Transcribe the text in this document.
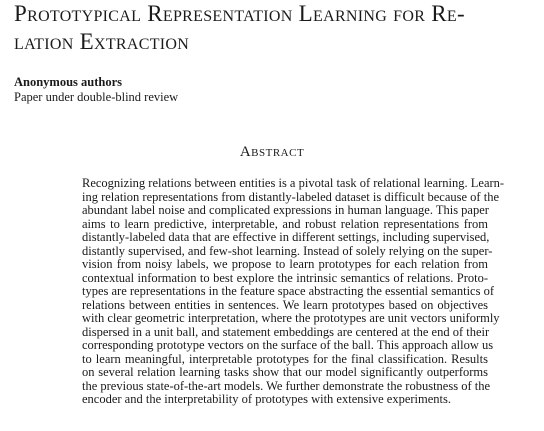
Prototypical Representation Learning for Re-
lation Extraction
Anonymous authors
Paper under double-blind review
Abstract
Recognizing relations between entities is a pivotal task of relational learning. Learn-
ing relation representations from distantly-labeled dataset is difficult because of the
abundant label noise and complicated expressions in human language. This paper
aims to learn predictive, interpretable, and robust relation representations from
distantly-labeled data that are effective in different settings, including supervised,
distantly supervised, and few-shot learning. Instead of solely relying on the super-
vision from noisy labels, we propose to learn prototypes for each relation from
contextual information to best explore the intrinsic semantics of relations. Proto-
types are representations in the feature space abstracting the essential semantics of
relations between entities in sentences. We learn prototypes based on objectives
with clear geometric interpretation, where the prototypes are unit vectors uniformly
dispersed in a unit ball, and statement embeddings are centered at the end of their
corresponding prototype vectors on the surface of the ball. This approach allow us
to learn meaningful, interpretable prototypes for the final classification. Results
on several relation learning tasks show that our model significantly outperforms
the previous state-of-the-art models. We further demonstrate the robustness of the
encoder and the interpretability of prototypes with extensive experiments.
